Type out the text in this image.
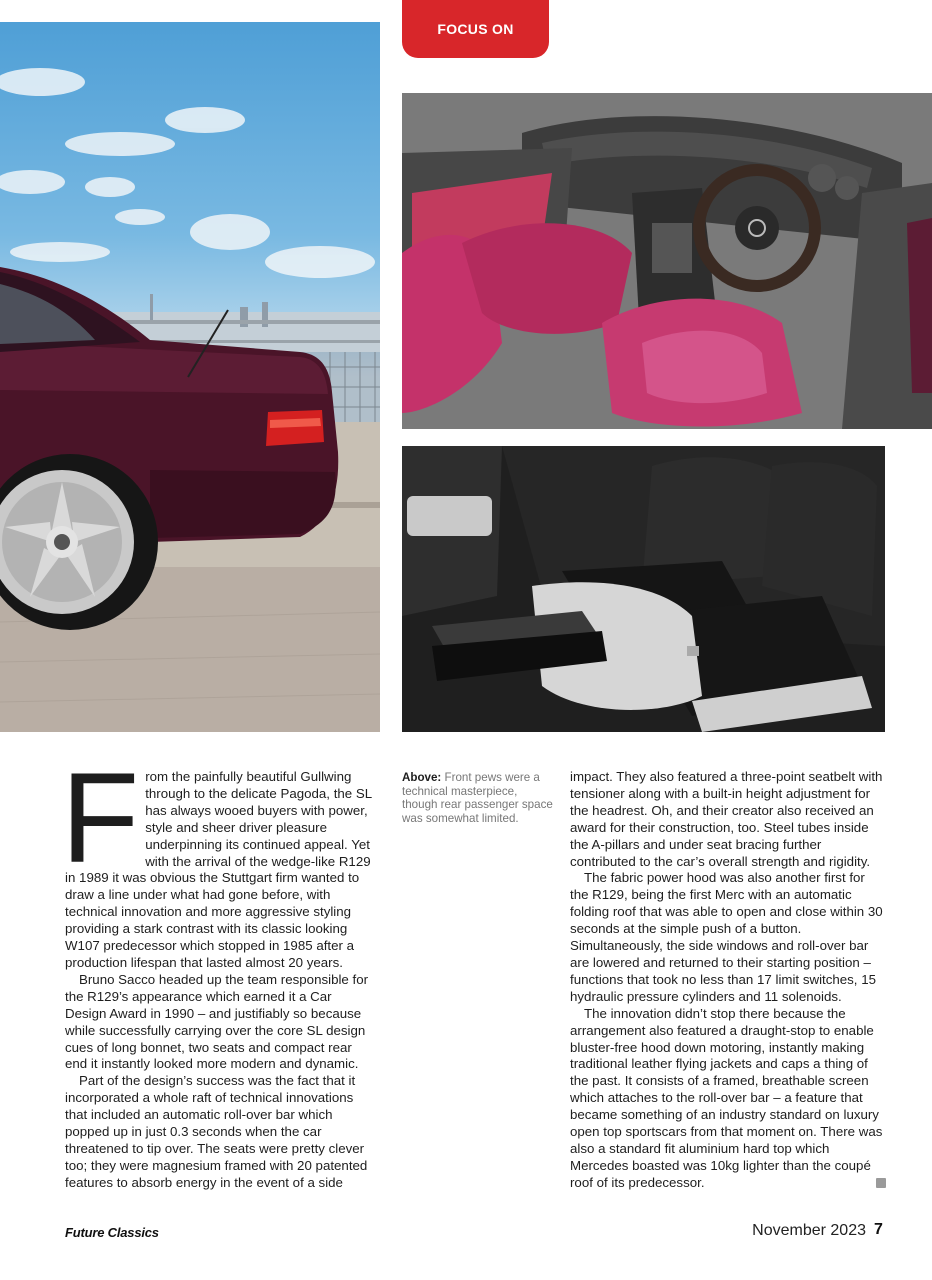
FOCUS ON

From the painfully beautiful Gullwing through to the delicate Pagoda, the SL has always wooed buyers with power, style and sheer driver pleasure underpinning its continued appeal. Yet with the arrival of the wedge-like R129 in 1989 it was obvious the Stuttgart firm wanted to draw a line under what had gone before, with technical innovation and more aggressive styling providing a stark contrast with its classic looking W107 predecessor which stopped in 1985 after a production lifespan that lasted almost 20 years.

Bruno Sacco headed up the team responsible for the R129’s appearance which earned it a Car Design Award in 1990 – and justifiably so because while successfully carrying over the core SL design cues of long bonnet, two seats and compact rear end it instantly looked more modern and dynamic.

Part of the design’s success was the fact that it incorporated a whole raft of technical innovations that included an automatic roll-over bar which popped up in just 0.3 seconds when the car threatened to tip over. The seats were pretty clever too; they were magnesium framed with 20 patented features to absorb energy in the event of a side

Above: Front pews were a technical masterpiece, though rear passenger space was somewhat limited.

impact. They also featured a three-point seatbelt with tensioner along with a built-in height adjustment for the headrest. Oh, and their creator also received an award for their construction, too. Steel tubes inside the A-pillars and under seat bracing further contributed to the car’s overall strength and rigidity.

The fabric power hood was also another first for the R129, being the first Merc with an automatic folding roof that was able to open and close within 30 seconds at the simple push of a button. Simultaneously, the side windows and roll-over bar are lowered and returned to their starting position – functions that took no less than 17 limit switches, 15 hydraulic pressure cylinders and 11 solenoids.

The innovation didn’t stop there because the arrangement also featured a draught-stop to enable bluster-free hood down motoring, instantly making traditional leather flying jackets and caps a thing of the past. It consists of a framed, breathable screen which attaches to the roll-over bar – a feature that became something of an industry standard on luxury open top sportscars from that moment on. There was also a standard fit aluminium hard top which Mercedes boasted was 10kg lighter than the coupé roof of its predecessor.	»

Future Classics	November 2023 7
